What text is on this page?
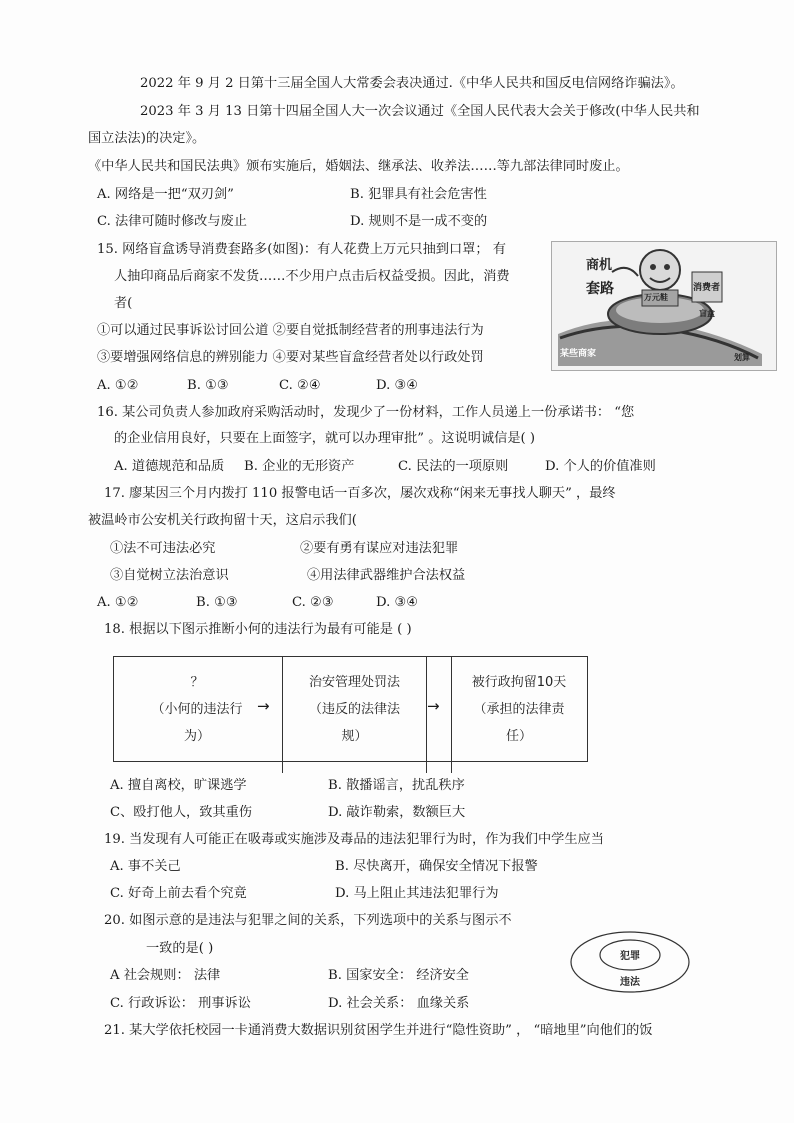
2022 年 9 月 2 日第十三届全国人大常委会表决通过.《中华人民共和国反电信网络诈骗法》。
2023 年 3 月 13 日第十四届全国人大一次会议通过《全国人民代表大会关于修改(中华人民共和
国立法法)的决定》。
《中华人民共和国民法典》颁布实施后，婚姻法、继承法、收养法……等九部法律同时废止。
A. 网络是一把“双刃剑”	B. 犯罪具有社会危害性
C. 法律可随时修改与废止	D. 规则不是一成不变的
15. 网络盲盒诱导消费套路多(如图)：有人花费上万元只抽到口罩； 有
人抽印商品后商家不发货……不少用户点击后权益受损。因此，消费
者(
①可以通过民事诉讼讨回公道 ②要自觉抵制经营者的刑事违法行为
③要增强网络信息的辨别能力 ④要对某些盲盒经营者处以行政处罚
A. ①②	B. ①③	C. ②④	D. ③④
商机
套路
万元鞋
消费者
盲盒
某些商家	划算
16. 某公司负责人参加政府采购活动时，发现少了一份材料，工作人员递上一份承诺书： “您
的企业信用良好，只要在上面签字，就可以办理审批” 。这说明诚信是( )
A. 道德规范和品质 B. 企业的无形资产	C. 民法的一项原则	D. 个人的价值准则
17. 廖某因三个月内拨打 110 报警电话一百多次，屡次戏称“闲来无事找人聊天” ，最终
被温岭市公安机关行政拘留十天，这启示我们(
①法不可违法必究	②要有勇有谋应对违法犯罪
③自觉树立法治意识	④用法律武器维护合法权益
A. ①②	B. ①③	C. ②③	D. ③④
18. 根据以下图示推断小何的违法行为最有可能是 ( )
？
（小何的违法行
为）
→
治安管理处罚法
（违反的法律法
规）
→
被行政拘留10天
（承担的法律责
任）
A. 擅自离校，旷课逃学	B. 散播谣言，扰乱秩序
C、殴打他人，致其重伤	D. 敲诈勒索，数额巨大
19. 当发现有人可能正在吸毒或实施涉及毒品的违法犯罪行为时，作为我们中学生应当
A. 事不关己	B. 尽快离开，确保安全情况下报警
C. 好奇上前去看个究竟	D. 马上阻止其违法犯罪行为
20. 如图示意的是违法与犯罪之间的关系，下列选项中的关系与图示不
一致的是( )
犯罪
违法
A 社会规则： 法律	B. 国家安全： 经济安全
C. 行政诉讼： 刑事诉讼	D. 社会关系： 血缘关系
21. 某大学依托校园一卡通消费大数据识别贫困学生并进行“隐性资助” ， “暗地里”向他们的饭
